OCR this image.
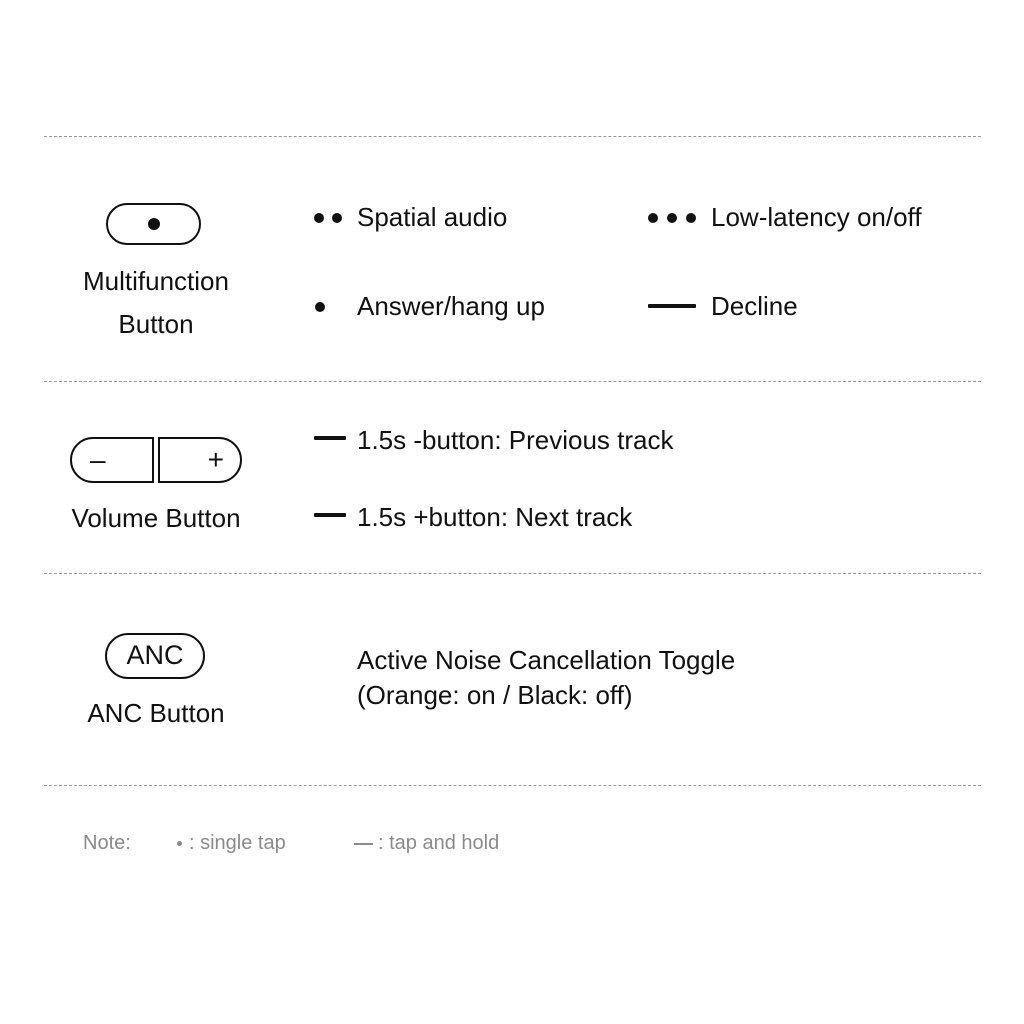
Multifunction Button
Spatial audio	Low-latency on/off
Answer/hang up	Decline
–	+
Volume Button
1.5s -button: Previous track
1.5s +button: Next track
ANC
ANC Button
Active Noise Cancellation Toggle
(Orange: on / Black: off)
Note:	: single tap	: tap and hold
